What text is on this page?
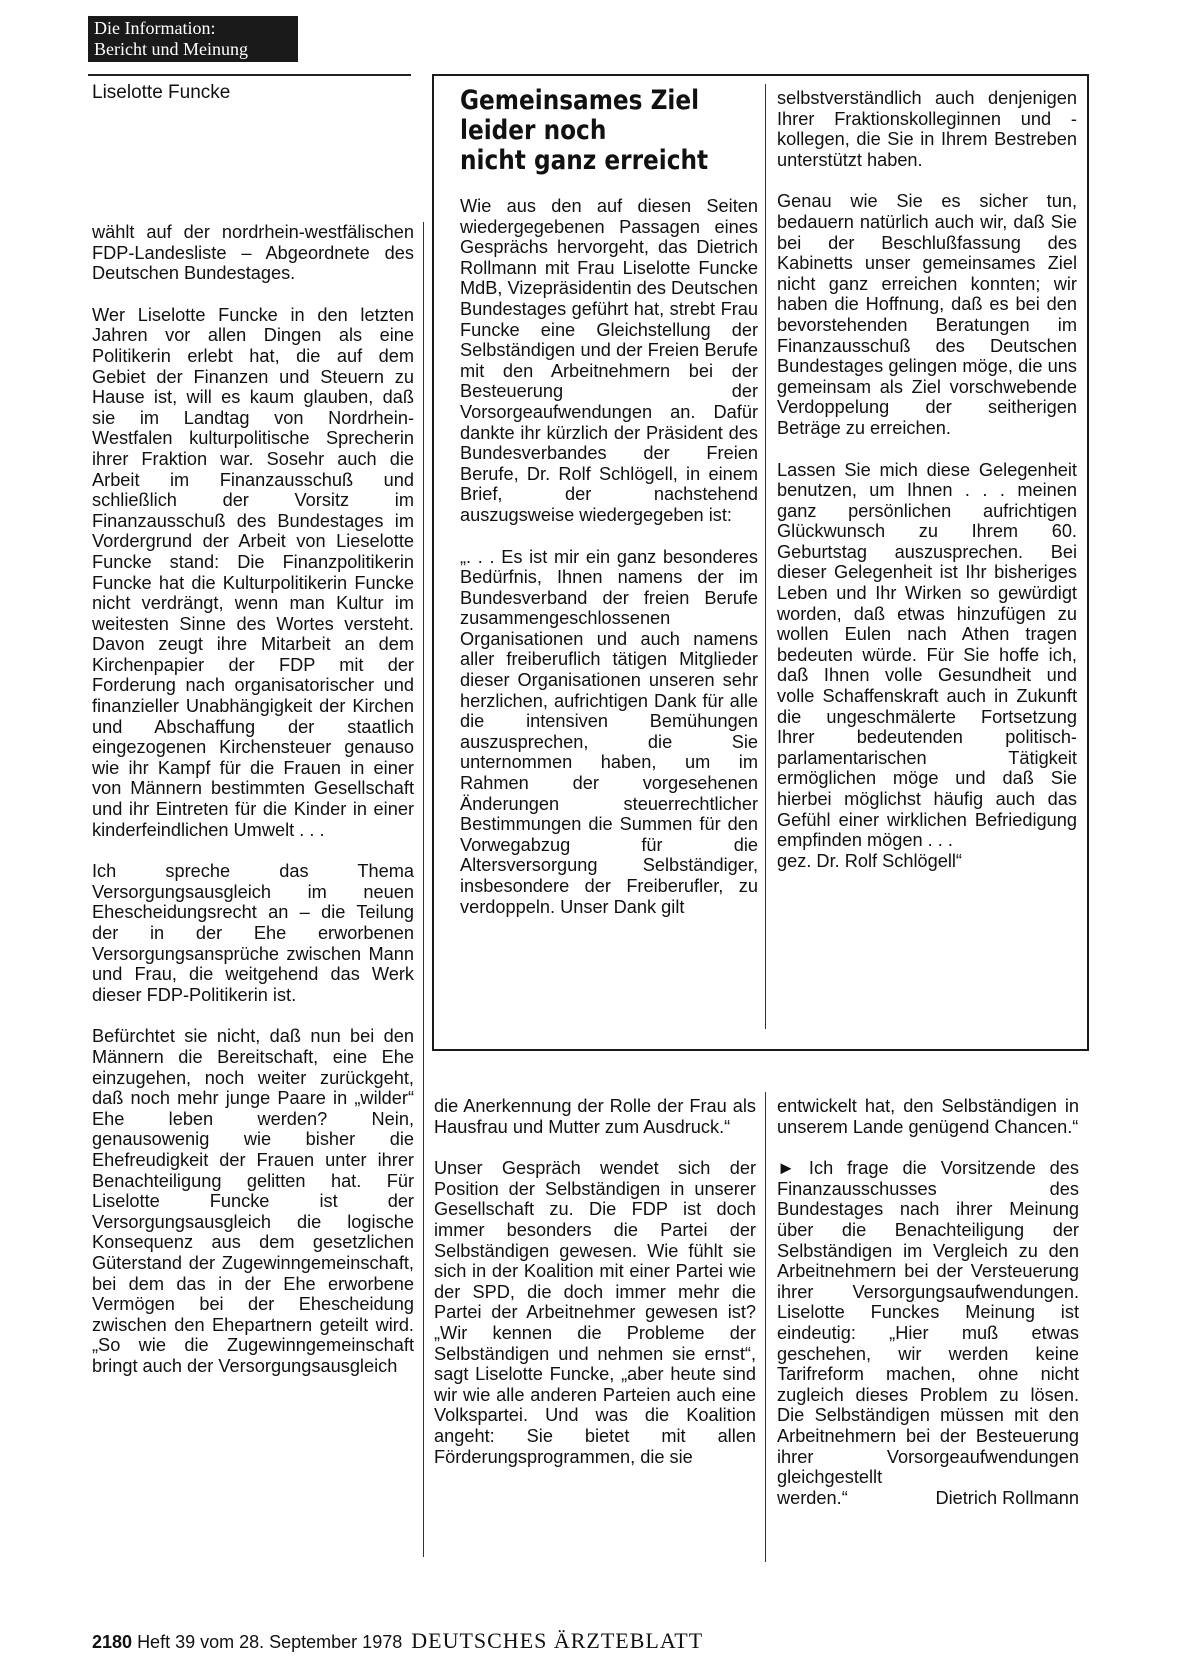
Die Information:
Bericht und Meinung
Liselotte Funcke

wählt auf der nordrhein-westfälischen FDP-Landesliste – Abgeordnete des Deutschen Bundestages.

Wer Liselotte Funcke in den letzten Jahren vor allen Dingen als eine Politikerin erlebt hat, die auf dem Gebiet der Finanzen und Steuern zu Hause ist, will es kaum glauben, daß sie im Landtag von Nordrhein-Westfalen kulturpolitische Sprecherin ihrer Fraktion war. Sosehr auch die Arbeit im Finanzausschuß und schließlich der Vorsitz im Finanzausschuß des Bundestages im Vordergrund der Arbeit von Lieselotte Funcke stand: Die Finanzpolitikerin Funcke hat die Kulturpolitikerin Funcke nicht verdrängt, wenn man Kultur im weitesten Sinne des Wortes versteht. Davon zeugt ihre Mitarbeit an dem Kirchenpapier der FDP mit der Forderung nach organisatorischer und finanzieller Unabhängigkeit der Kirchen und Abschaffung der staatlich eingezogenen Kirchensteuer genauso wie ihr Kampf für die Frauen in einer von Männern bestimmten Gesellschaft und ihr Eintreten für die Kinder in einer kinderfeindlichen Umwelt . . .

Ich spreche das Thema Versorgungsausgleich im neuen Ehescheidungsrecht an – die Teilung der in der Ehe erworbenen Versorgungsansprüche zwischen Mann und Frau, die weitgehend das Werk dieser FDP-Politikerin ist.

Befürchtet sie nicht, daß nun bei den Männern die Bereitschaft, eine Ehe einzugehen, noch weiter zurückgeht, daß noch mehr junge Paare in „wilder“ Ehe leben werden? Nein, genausowenig wie bisher die Ehefreudigkeit der Frauen unter ihrer Benachteiligung gelitten hat. Für Liselotte Funcke ist der Versorgungsausgleich die logische Konsequenz aus dem gesetzlichen Güterstand der Zugewinngemeinschaft, bei dem das in der Ehe erworbene Vermögen bei der Ehescheidung zwischen den Ehepartnern geteilt wird. „So wie die Zugewinngemeinschaft bringt auch der Versorgungsausgleich

Gemeinsames Ziel
leider noch
nicht ganz erreicht

Wie aus den auf diesen Seiten wiedergegebenen Passagen eines Gesprächs hervorgeht, das Dietrich Rollmann mit Frau Liselotte Funcke MdB, Vizepräsidentin des Deutschen Bundestages geführt hat, strebt Frau Funcke eine Gleichstellung der Selbständigen und der Freien Berufe mit den Arbeitnehmern bei der Besteuerung der Vorsorgeaufwendungen an. Dafür dankte ihr kürzlich der Präsident des Bundesverbandes der Freien Berufe, Dr. Rolf Schlögell, in einem Brief, der nachstehend auszugsweise wiedergegeben ist:

„. . . Es ist mir ein ganz besonderes Bedürfnis, Ihnen namens der im Bundesverband der freien Berufe zusammengeschlossenen Organisationen und auch namens aller freiberuflich tätigen Mitglieder dieser Organisationen unseren sehr herzlichen, aufrichtigen Dank für alle die intensiven Bemühungen auszusprechen, die Sie unternommen haben, um im Rahmen der vorgesehenen Änderungen steuerrechtlicher Bestimmungen die Summen für den Vorwegabzug für die Altersversorgung Selbständiger, insbesondere der Freiberufler, zu verdoppeln. Unser Dank gilt

selbstverständlich auch denjenigen Ihrer Fraktionskolleginnen und -kollegen, die Sie in Ihrem Bestreben unterstützt haben.

Genau wie Sie es sicher tun, bedauern natürlich auch wir, daß Sie bei der Beschlußfassung des Kabinetts unser gemeinsames Ziel nicht ganz erreichen konnten; wir haben die Hoffnung, daß es bei den bevorstehenden Beratungen im Finanzausschuß des Deutschen Bundestages gelingen möge, die uns gemeinsam als Ziel vorschwebende Verdoppelung der seitherigen Beträge zu erreichen.

Lassen Sie mich diese Gelegenheit benutzen, um Ihnen . . . meinen ganz persönlichen aufrichtigen Glückwunsch zu Ihrem 60. Geburtstag auszusprechen. Bei dieser Gelegenheit ist Ihr bisheriges Leben und Ihr Wirken so gewürdigt worden, daß etwas hinzufügen zu wollen Eulen nach Athen tragen bedeuten würde. Für Sie hoffe ich, daß Ihnen volle Gesundheit und volle Schaffenskraft auch in Zukunft die ungeschmälerte Fortsetzung Ihrer bedeutenden politisch-parlamentarischen Tätigkeit ermöglichen möge und daß Sie hierbei möglichst häufig auch das Gefühl einer wirklichen Befriedigung empfinden mögen . . .

gez. Dr. Rolf Schlögell“

die Anerkennung der Rolle der Frau als Hausfrau und Mutter zum Ausdruck.“

Unser Gespräch wendet sich der Position der Selbständigen in unserer Gesellschaft zu. Die FDP ist doch immer besonders die Partei der Selbständigen gewesen. Wie fühlt sie sich in der Koalition mit einer Partei wie der SPD, die doch immer mehr die Partei der Arbeitnehmer gewesen ist? „Wir kennen die Probleme der Selbständigen und nehmen sie ernst“, sagt Liselotte Funcke, „aber heute sind wir wie alle anderen Parteien auch eine Volkspartei. Und was die Koalition angeht: Sie bietet mit allen Förderungsprogrammen, die sie

entwickelt hat, den Selbständigen in unserem Lande genügend Chancen.“

► Ich frage die Vorsitzende des Finanzausschusses des Bundestages nach ihrer Meinung über die Benachteiligung der Selbständigen im Vergleich zu den Arbeitnehmern bei der Versteuerung ihrer Versorgungsaufwendungen. Liselotte Funckes Meinung ist eindeutig: „Hier muß etwas geschehen, wir werden keine Tarifreform machen, ohne nicht zugleich dieses Problem zu lösen. Die Selbständigen müssen mit den Arbeitnehmern bei der Besteuerung ihrer Vorsorgeaufwendungen gleichgestellt

werden.“	Dietrich Rollmann
2180 Heft 39 vom 28. September 1978 DEUTSCHES ÄRZTEBLATT
